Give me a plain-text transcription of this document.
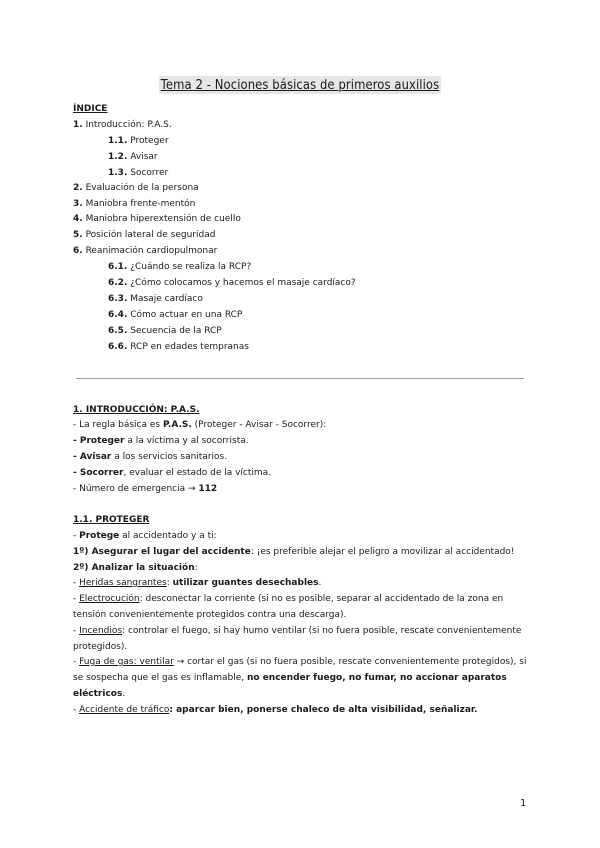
Tema 2 - Nociones básicas de primeros auxilios
ÍNDICE
1. Introducción: P.A.S.
1.1. Proteger
1.2. Avisar
1.3. Socorrer
2. Evaluación de la persona
3. Maniobra frente-mentón
4. Maniobra hiperextensión de cuello
5. Posición lateral de seguridad
6. Reanimación cardiopulmonar
6.1. ¿Cuándo se realiza la RCP?
6.2. ¿Cómo colocamos y hacemos el masaje cardíaco?
6.3. Masaje cardíaco
6.4. Cómo actuar en una RCP
6.5. Secuencia de la RCP
6.6. RCP en edades tempranas
1. INTRODUCCIÓN: P.A.S.
- La regla básica es P.A.S. (Proteger - Avisar - Socorrer):
- Proteger a la víctima y al socorrista.
- Avisar a los servicios sanitarios.
- Socorrer, evaluar el estado de la víctima.
- Número de emergencia → 112
1.1. PROTEGER
- Protege al accidentado y a ti:
1º) Asegurar el lugar del accidente: ¡es preferible alejar el peligro a movilizar al accidentado!
2º) Analizar la situación:
- Heridas sangrantes: utilizar guantes desechables.
- Electrocución: desconectar la corriente (si no es posible, separar al accidentado de la zona en
tensión convenientemente protegidos contra una descarga).
- Incendios: controlar el fuego, si hay humo ventilar (si no fuera posible, rescate convenientemente
protegidos).
- Fuga de gas: ventilar → cortar el gas (si no fuera posible, rescate convenientemente protegidos), si
se sospecha que el gas es inflamable, no encender fuego, no fumar, no accionar aparatos
eléctricos.
- Accidente de tráfico: aparcar bien, ponerse chaleco de alta visibilidad, señalizar.
1
